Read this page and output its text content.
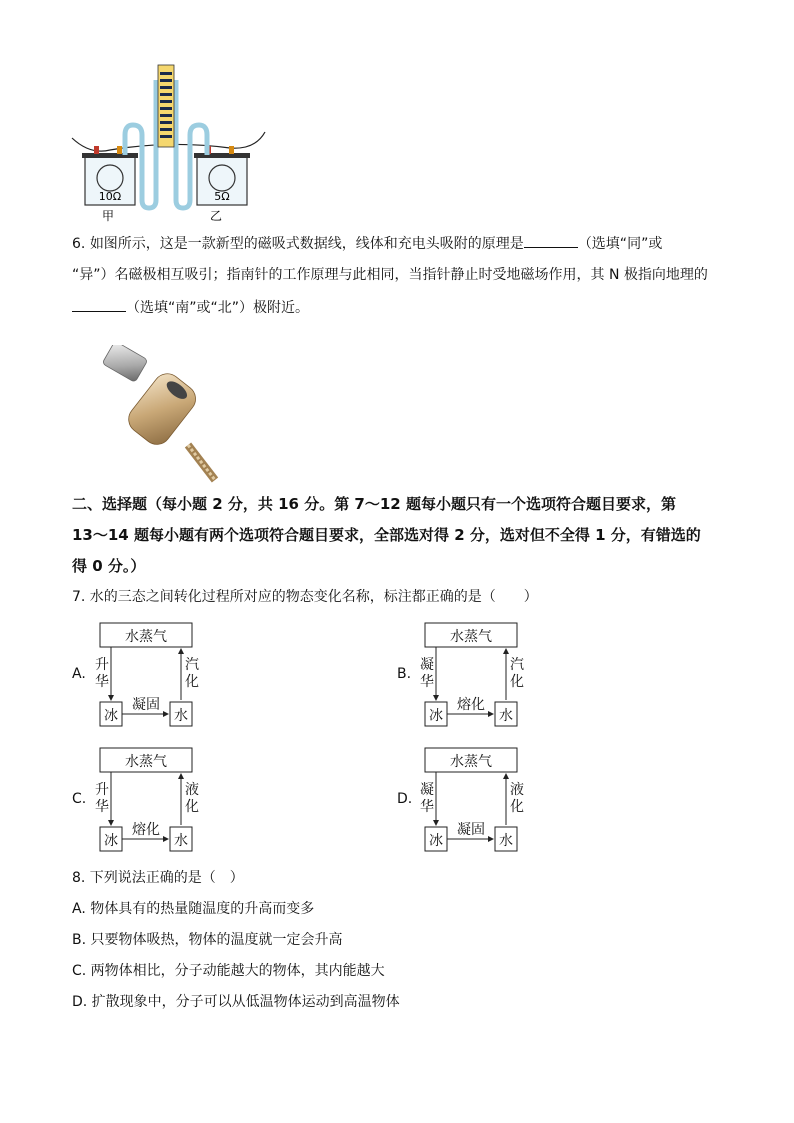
10Ω	5Ω
甲	乙
6. 如图所示，这是一款新型的磁吸式数据线，线体和充电头吸附的原理是	（选填“同”或
“异”）名磁极相互吸引；指南针的工作原理与此相同，当指针静止时受地磁场作用，其 N 极指向地理的
（选填“南”或“北”）极附近。
二、选择题（每小题 2 分，共 16 分。第 7～12 题每小题只有一个选项符合题目要求，第
13～14 题每小题有两个选项符合题目要求，全部选对得 2 分，选对但不全得 1 分，有错选的
得 0 分。）
7. 水的三态之间转化过程所对应的物态变化名称，标注都正确的是（　　）
A.
水蒸气
冰	水
升
华
汽
化
凝固
B.
水蒸气
冰	水
凝
华
汽
化
熔化
C.
水蒸气
冰	水
升
华
液
化
熔化
D.
水蒸气
冰	水
凝
华
液
化
凝固
8. 下列说法正确的是（　）
A. 物体具有的热量随温度的升高而变多
B. 只要物体吸热，物体的温度就一定会升高
C. 两物体相比，分子动能越大的物体，其内能越大
D. 扩散现象中，分子可以从低温物体运动到高温物体
